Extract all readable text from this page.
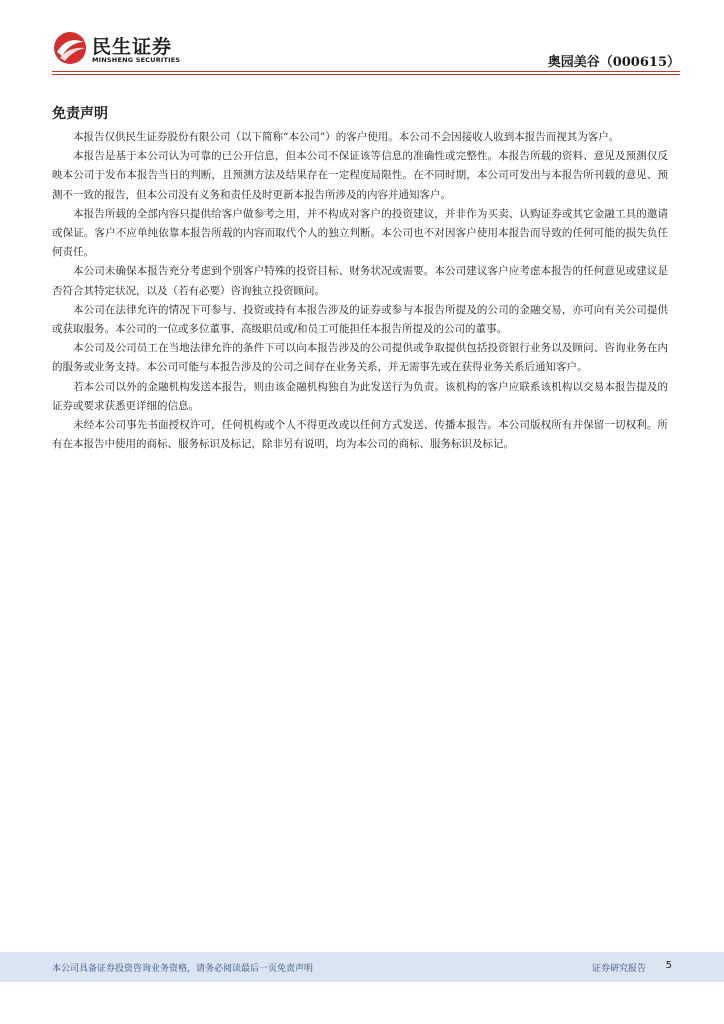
民生证券
MINSHENG SECURITIES	奥园美谷（000615）
免责声明

本报告仅供民生证券股份有限公司（以下简称“本公司”）的客户使用。本公司不会因接收人收到本报告而视其为客户。

本报告是基于本公司认为可靠的已公开信息，但本公司不保证该等信息的准确性或完整性。本报告所载的资料、意见及预测仅反映本公司于发布本报告当日的判断，且预测方法及结果存在一定程度局限性。在不同时期，本公司可发出与本报告所刊载的意见、预测不一致的报告，但本公司没有义务和责任及时更新本报告所涉及的内容并通知客户。

本报告所载的全部内容只提供给客户做参考之用，并不构成对客户的投资建议，并非作为买卖、认购证券或其它金融工具的邀请或保证。客户不应单纯依靠本报告所载的内容而取代个人的独立判断。本公司也不对因客户使用本报告而导致的任何可能的损失负任何责任。

本公司未确保本报告充分考虑到个别客户特殊的投资目标、财务状况或需要。本公司建议客户应考虑本报告的任何意见或建议是否符合其特定状况，以及（若有必要）咨询独立投资顾问。

本公司在法律允许的情况下可参与、投资或持有本报告涉及的证券或参与本报告所提及的公司的金融交易，亦可向有关公司提供或获取服务。本公司的一位或多位董事、高级职员或/和员工可能担任本报告所提及的公司的董事。

本公司及公司员工在当地法律允许的条件下可以向本报告涉及的公司提供或争取提供包括投资银行业务以及顾问、咨询业务在内的服务或业务支持。本公司可能与本报告涉及的公司之间存在业务关系，并无需事先或在获得业务关系后通知客户。

若本公司以外的金融机构发送本报告，则由该金融机构独自为此发送行为负责。该机构的客户应联系该机构以交易本报告提及的证券或要求获悉更详细的信息。

未经本公司事先书面授权许可，任何机构或个人不得更改或以任何方式发送、传播本报告。本公司版权所有并保留一切权利。所有在本报告中使用的商标、服务标识及标记，除非另有说明，均为本公司的商标、服务标识及标记。

本公司具备证券投资咨询业务资格，请务必阅读最后一页免责声明	证券研究报告 5
